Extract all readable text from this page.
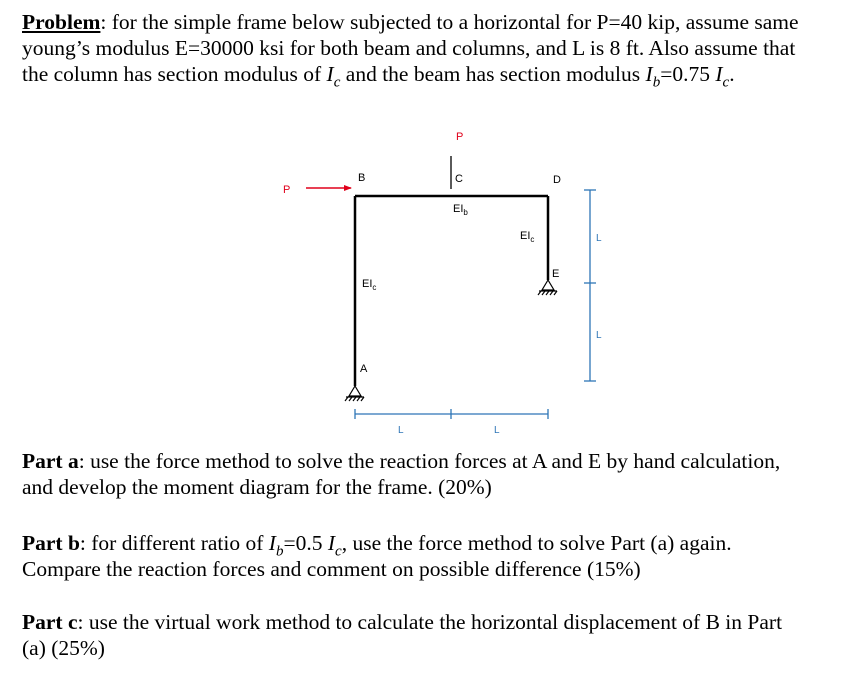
Problem: for the simple frame below subjected to a horizontal for P=40 kip, assume same
young’s modulus E=30000 ksi for both beam and columns, and L is 8 ft. Also assume that
the column has section modulus of $I_c$ and the beam has section modulus $I_b=0.75$ $I_c$.
P
P
B	C	D
E
A
$EI_b$
$EI_c$
$EI_c$
L
L
L	L
Part a: use the force method to solve the reaction forces at A and E by hand calculation,
and develop the moment diagram for the frame. (20%)
Part b: for different ratio of $I_b=0.5$ $I_c$, use the force method to solve Part (a) again.
Compare the reaction forces and comment on possible difference (15%)
Part c: use the virtual work method to calculate the horizontal displacement of B in Part
(a) (25%)
